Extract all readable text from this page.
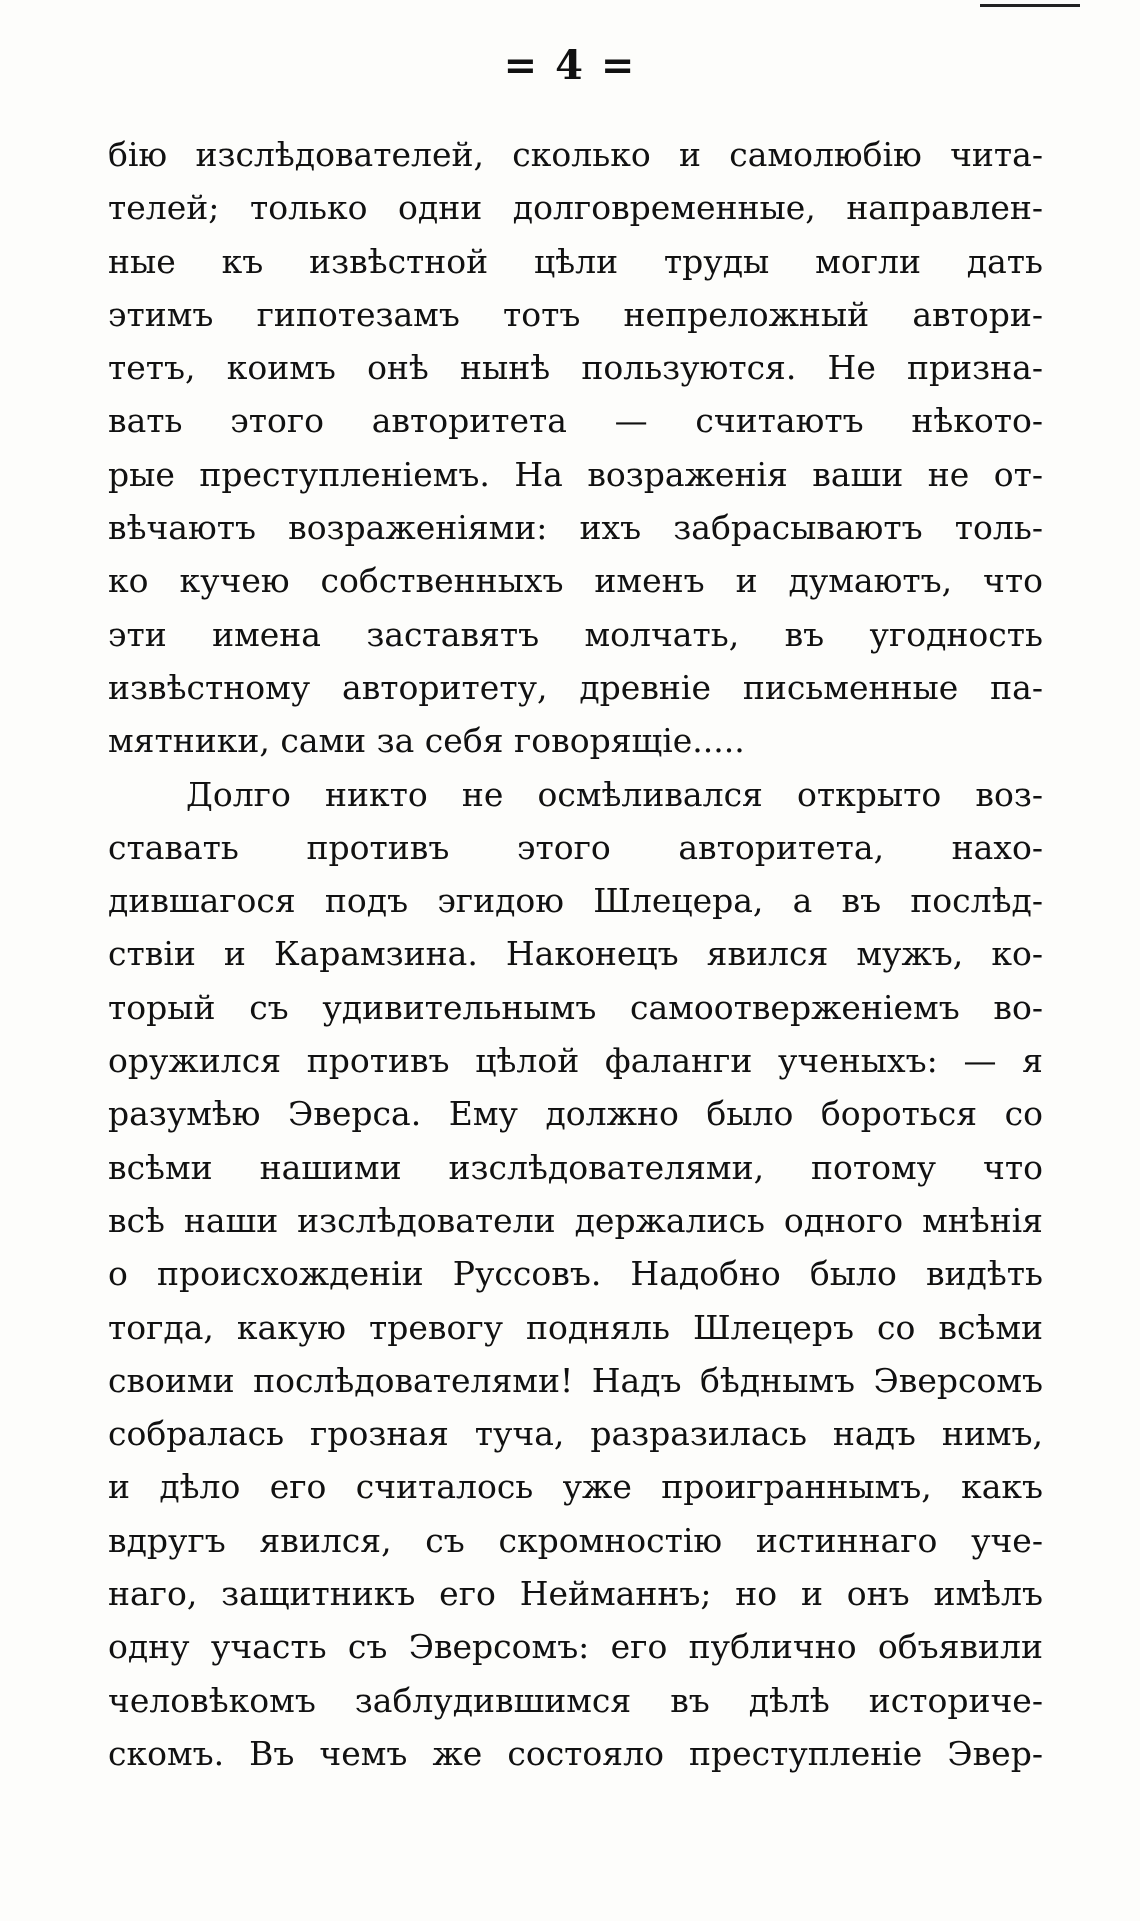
= 4 =
бію изслѣдователей, сколько и самолюбію чита-
телей; только одни долговременные, направлен-
ные къ извѣстной цѣли труды могли дать
этимъ гипотезамъ тотъ непреложный автори-
тетъ, коимъ онѣ нынѣ пользуются. Не призна-
вать этого авторитета — считаютъ нѣкото-
рые преступленіемъ. На возраженія ваши не от-
вѣчаютъ возраженіями: ихъ забрасываютъ толь-
ко кучею собственныхъ именъ и думаютъ, что
эти имена заставятъ молчать, въ угодность
извѣстному авторитету, древніе письменные па-
мятники, сами за себя говорящіе.....
Долго никто не осмѣливался открыто воз-
ставать противъ этого авторитета, нахо-
дившагося подъ эгидою Шлецера, а въ послѣд-
ствіи и Карамзина. Наконецъ явился мужъ, ко-
торый съ удивительнымъ самоотверженіемъ во-
оружился противъ цѣлой фаланги ученыхъ: — я
разумѣю Эверса. Ему должно было бороться со
всѣми нашими изслѣдователями, потому что
всѣ наши изслѣдователи держались одного мнѣнія
о происхожденіи Руссовъ. Надобно было видѣть
тогда, какую тревогу подняль Шлецеръ со всѣми
своими послѣдователями! Надъ бѣднымъ Эверсомъ
собралась грозная туча, разразилась надъ нимъ,
и дѣло его считалось уже проиграннымъ, какъ
вдругъ явился, съ скромностію истиннаго уче-
наго, защитникъ его Нейманнъ; но и онъ имѣлъ
одну участь съ Эверсомъ: его публично объявили
человѣкомъ заблудившимся въ дѣлѣ историче-
скомъ. Въ чемъ же состояло преступленіе Эвер-
